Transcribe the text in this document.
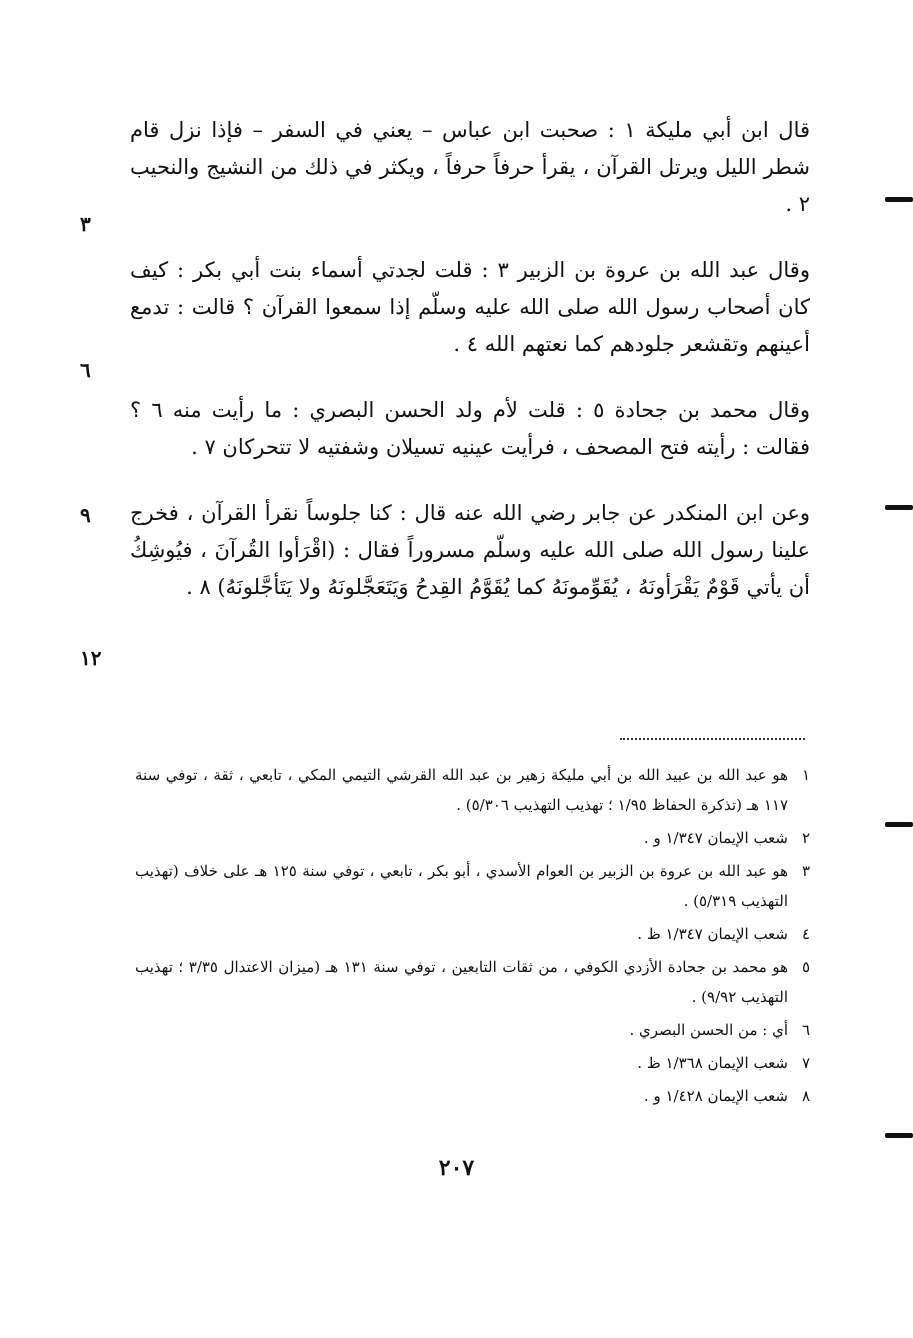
قال ابن أبي مليكة ١ : صحبت ابن عباس – يعني في السفر – فإذا نزل قام شطر الليل ويرتل القرآن ، يقرأ حرفاً حرفاً ، ويكثر في ذلك من النشيج والنحيب ٢ .

وقال عبد الله بن عروة بن الزبير ٣ : قلت لجدتي أسماء بنت أبي بكر : كيف كان أصحاب رسول الله صلى الله عليه وسلّم إذا سمعوا القرآن ؟ قالت : تدمع أعينهم وتقشعر جلودهم كما نعتهم الله ٤ .

وقال محمد بن جحادة ٥ : قلت لأم ولد الحسن البصري : ما رأيت منه ٦ ؟ فقالت : رأيته فتح المصحف ، فرأيت عينيه تسيلان وشفتيه لا تتحركان ٧ .

وعن ابن المنكدر عن جابر رضي الله عنه قال : كنا جلوساً نقرأ القرآن ، فخرج علينا رسول الله صلى الله عليه وسلّم مسروراً فقال : (اقْرَأوا القُرآنَ ، فيُوشِكُ أن يأتي قَوْمٌ يَقْرَأونَهُ ، يُقَوِّمونَهُ كما يُقَوَّمُ القِدحُ وَيَتَعَجَّلونَهُ ولا يَتَأجَّلونَهُ) ٨ .

٣
٦
٩
١٢
١
هو عبد الله بن عبيد الله بن أبي مليكة زهير بن عبد الله القرشي التيمي المكي ، تابعي ، ثقة ، توفي سنة ١١٧ هـ (تذكرة الحفاظ ١/٩٥ ؛ تهذيب التهذيب ٥/٣٠٦) .
٢
شعب الإيمان ١/٣٤٧ و .
٣
هو عبد الله بن عروة بن الزبير بن العوام الأسدي ، أبو بكر ، تابعي ، توفي سنة ١٢٥ هـ على خلاف (تهذيب التهذيب ٥/٣١٩) .
٤
شعب الإيمان ١/٣٤٧ ظ .
٥
هو محمد بن جحادة الأزدي الكوفي ، من ثقات التابعين ، توفي سنة ١٣١ هـ (ميزان الاعتدال ٣/٣٥ ؛ تهذيب التهذيب ٩/٩٢) .
٦
أي : من الحسن البصري .
٧
شعب الإيمان ١/٣٦٨ ظ .
٨
شعب الإيمان ١/٤٢٨ و .
٢٠٧
